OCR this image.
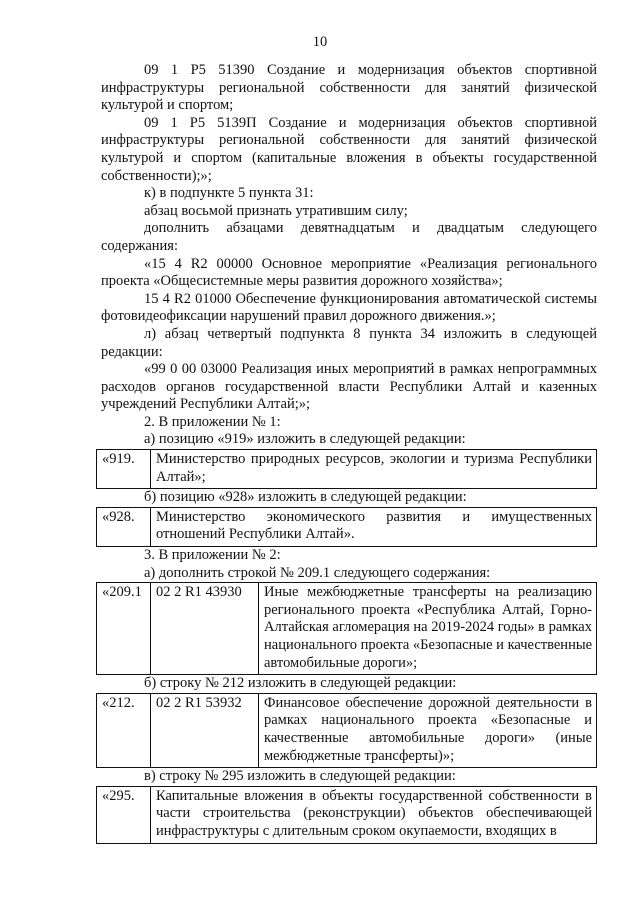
10

09 1 Р5 51390 Создание и модернизация объектов спортивной инфраструктуры региональной собственности для занятий физической культурой и спортом;

09 1 Р5 5139П Создание и модернизация объектов спортивной инфраструктуры региональной собственности для занятий физической культурой и спортом (капитальные вложения в объекты государственной собственности);»;

к) в подпункте 5 пункта 31:

абзац восьмой признать утратившим силу;

дополнить абзацами девятнадцатым и двадцатым следующего содержания:

«15 4 R2 00000 Основное мероприятие «Реализация регионального проекта «Общесистемные меры развития дорожного хозяйства»;

15 4 R2 01000 Обеспечение функционирования автоматической системы фотовидеофиксации нарушений правил дорожного движения.»;

л) абзац четвертый подпункта 8 пункта 34 изложить в следующей редакции:

«99 0 00 03000 Реализация иных мероприятий в рамках непрограммных расходов органов государственной власти Республики Алтай и казенных учреждений Республики Алтай;»;

2. В приложении № 1:

а) позицию «919» изложить в следующей редакции:

«919.	Министерство природных ресурсов, экологии и туризма Республики Алтай»;

б) позицию «928» изложить в следующей редакции:

«928.	Министерство экономического развития и имущественных отношений Республики Алтай».

3. В приложении № 2:

а) дополнить строкой № 209.1 следующего содержания:

«209.1	02 2 R1 43930	Иные межбюджетные трансферты на реализацию регионального проекта «Республика Алтай, Горно-Алтайская агломерация на 2019-2024 годы» в рамках национального проекта «Безопасные и качественные автомобильные дороги»;

б) строку № 212 изложить в следующей редакции:

«212.	02 2 R1 53932	Финансовое обеспечение дорожной деятельности в рамках национального проекта «Безопасные и качественные автомобильные дороги» (иные межбюджетные трансферты)»;

в) строку № 295 изложить в следующей редакции:

«295.	Капитальные вложения в объекты государственной собственности в части строительства (реконструкции) объектов обеспечивающей инфраструктуры с длительным сроком окупаемости, входящих в
